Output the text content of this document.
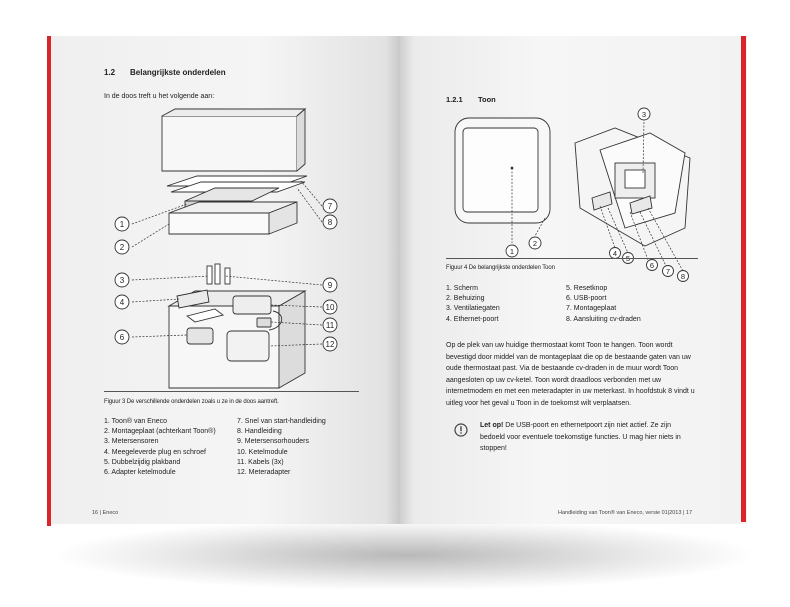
1.2 Belangrijkste onderdelen
In de doos treft u het volgende aan:
1
2
3
4
6
7
8
9
10
11
12
Figuur 3 De verschillende onderdelen zoals u ze in de doos aantreft.
1. Toon® van Eneco
2. Montageplaat (achterkant Toon®)
3. Metersensoren
4. Meegeleverde plug en schroef
5. Dubbelzijdig plakband
6. Adapter ketelmodule
7. Snel van start-handleiding
8. Handleiding
9. Metersensorhouders
10. Ketelmodule
11. Kabels (3x)
12. Meteradapter
16 | Eneco
1.2.1 Toon
1
2
3
4
6
7
8
Figuur 4 De belangrijkste onderdelen Toon
1. Scherm
2. Behuizing
3. Ventilatiegaten
4. Ethernet-poort
5. Resetknop
6. USB-poort
7. Montageplaat
8. Aansluiting cv-draden
Op de plek van uw huidige thermostaat komt Toon te hangen. Toon wordt bevestigd door middel van de montageplaat die op de bestaande gaten van uw oude thermostaat past. Via de bestaande cv-draden in de muur wordt Toon aangesloten op uw cv-ketel. Toon wordt draadloos verbonden met uw internetmodem en met een meteradapter in uw meterkast. In hoofdstuk 8 vindt u uitleg voor het geval u Toon in de toekomst wilt verplaatsen.
Let op! De USB-poort en ethernetpoort zijn niet actief. Ze zijn bedoeld voor eventuele toekomstige functies. U mag hier niets in stoppen!
Handleiding van Toon® van Eneco, versie 01|2013 | 17
